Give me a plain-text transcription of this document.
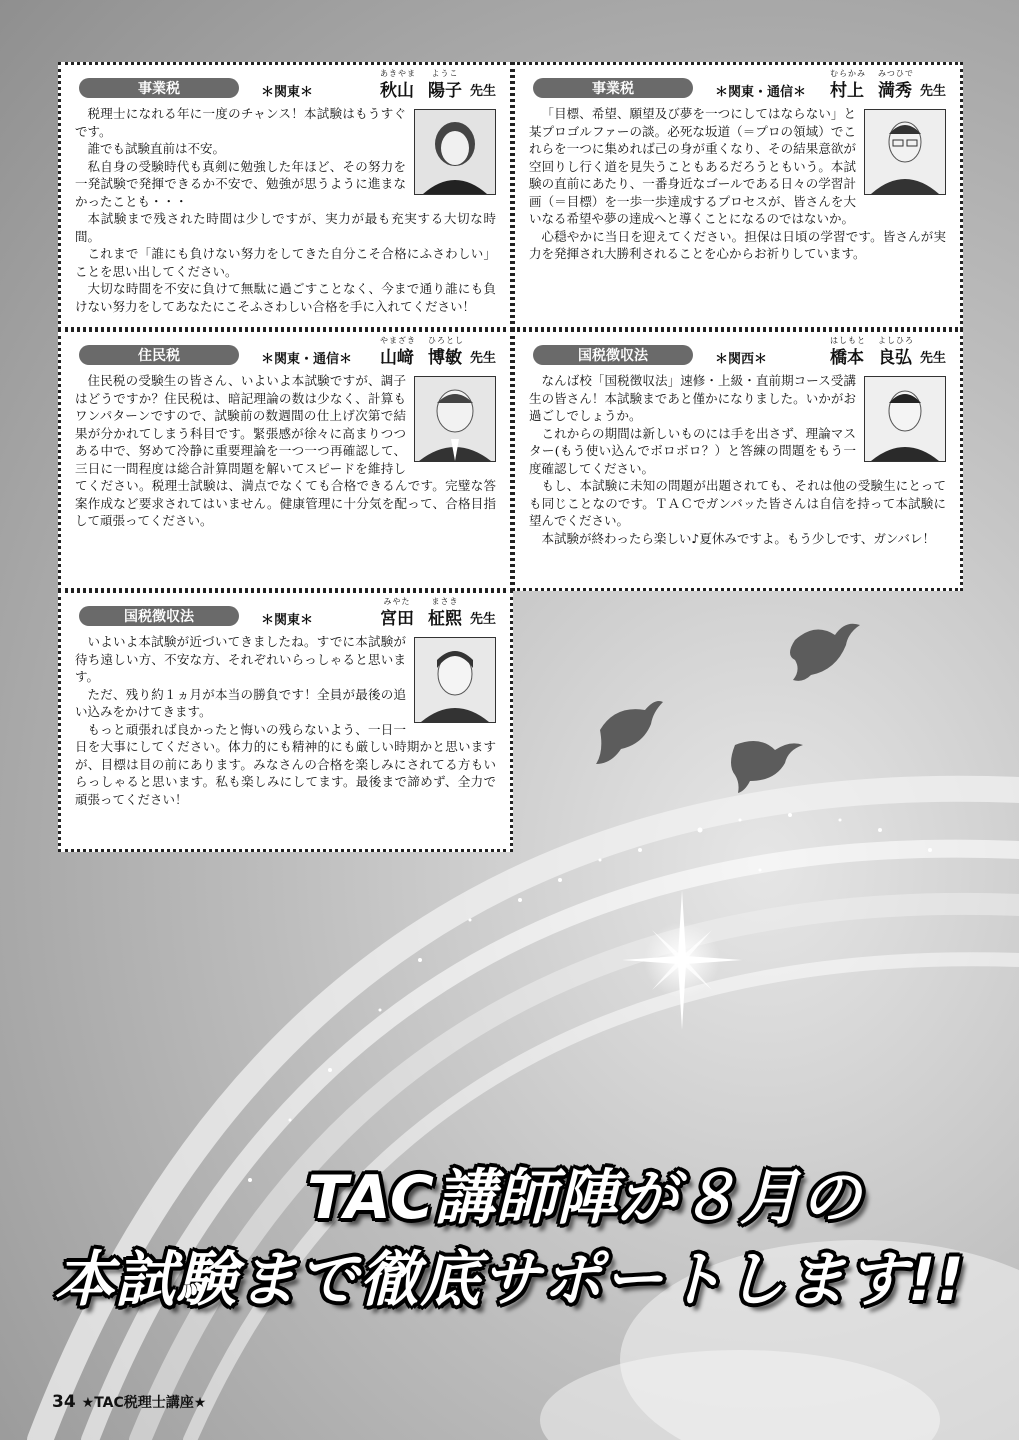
事業税	＊関東＊
あきやま
秋山
ようこ
陽子 先生

税理士になれる年に一度のチャンス！本試験はもうすぐです。

誰でも試験直前は不安。

私自身の受験時代も真剣に勉強した年ほど、その努力を一発試験で発揮できるか不安で、勉強が思うように進まなかったことも・・・

本試験まで残された時間は少しですが、実力が最も充実する大切な時間。

これまで「誰にも負けない努力をしてきた自分こそ合格にふさわしい」ことを思い出してください。

大切な時間を不安に負けて無駄に過ごすことなく、今まで通り誰にも負けない努力をしてあなたにこそふさわしい合格を手に入れてください！

事業税	＊関東・通信＊
むらかみ
村上
みつひで
満秀 先生

「目標、希望、願望及び夢を一つにしてはならない」と某プロゴルファーの談。必死な坂道（＝プロの領域）でこれらを一つに集めれば己の身が重くなり、その結果意欲が空回りし行く道を見失うこともあるだろうともいう。本試験の直前にあたり、一番身近なゴールである日々の学習計画（＝目標）を一歩一歩達成するプロセスが、皆さんを大いなる希望や夢の達成へと導くことになるのではないか。

心穏やかに当日を迎えてください。担保は日頃の学習です。皆さんが実力を発揮され大勝利されることを心からお祈りしています。

住民税	＊関東・通信＊
やまざき
山﨑
ひろとし
博敏 先生

住民税の受験生の皆さん、いよいよ本試験ですが、調子はどうですか？住民税は、暗記理論の数は少なく、計算もワンパターンですので、試験前の数週間の仕上げ次第で結果が分かれてしまう科目です。緊張感が徐々に高まりつつある中で、努めて冷静に重要理論を一つ一つ再確認して、三日に一問程度は総合計算問題を解いてスピードを維持してください。税理士試験は、満点でなくても合格できるんです。完璧な答案作成など要求されてはいません。健康管理に十分気を配って、合格目指して頑張ってください。

国税徴収法	＊関西＊
はしもと
橋本
よしひろ
良弘 先生

なんば校「国税徴収法」速修・上級・直前期コース受講生の皆さん！本試験まであと僅かになりました。いかがお過ごしでしょうか。

これからの期間は新しいものには手を出さず、理論マスター(もう使い込んでボロボロ？）と答練の問題をもう一度確認してください。

もし、本試験に未知の問題が出題されても、それは他の受験生にとっても同じことなのです。ＴＡＣでガンバッた皆さんは自信を持って本試験に望んでください。

本試験が終わったら楽しい♪夏休みですよ。もう少しです、ガンバレ！

国税徴収法	＊関東＊
みやた
宮田
まさき
柾熙 先生

いよいよ本試験が近づいてきましたね。すでに本試験が待ち遠しい方、不安な方、それぞれいらっしゃると思います。

ただ、残り約１ヵ月が本当の勝負です！全員が最後の追い込みをかけてきます。

もっと頑張れば良かったと悔いの残らないよう、一日一日を大事にしてください。体力的にも精神的にも厳しい時期かと思いますが、目標は目の前にあります。みなさんの合格を楽しみにされてる方もいらっしゃると思います。私も楽しみにしてます。最後まで諦めず、全力で頑張ってください！

TAC講師陣が８月の
本試験まで徹底サポートします!!
34 ★TAC税理士講座★
